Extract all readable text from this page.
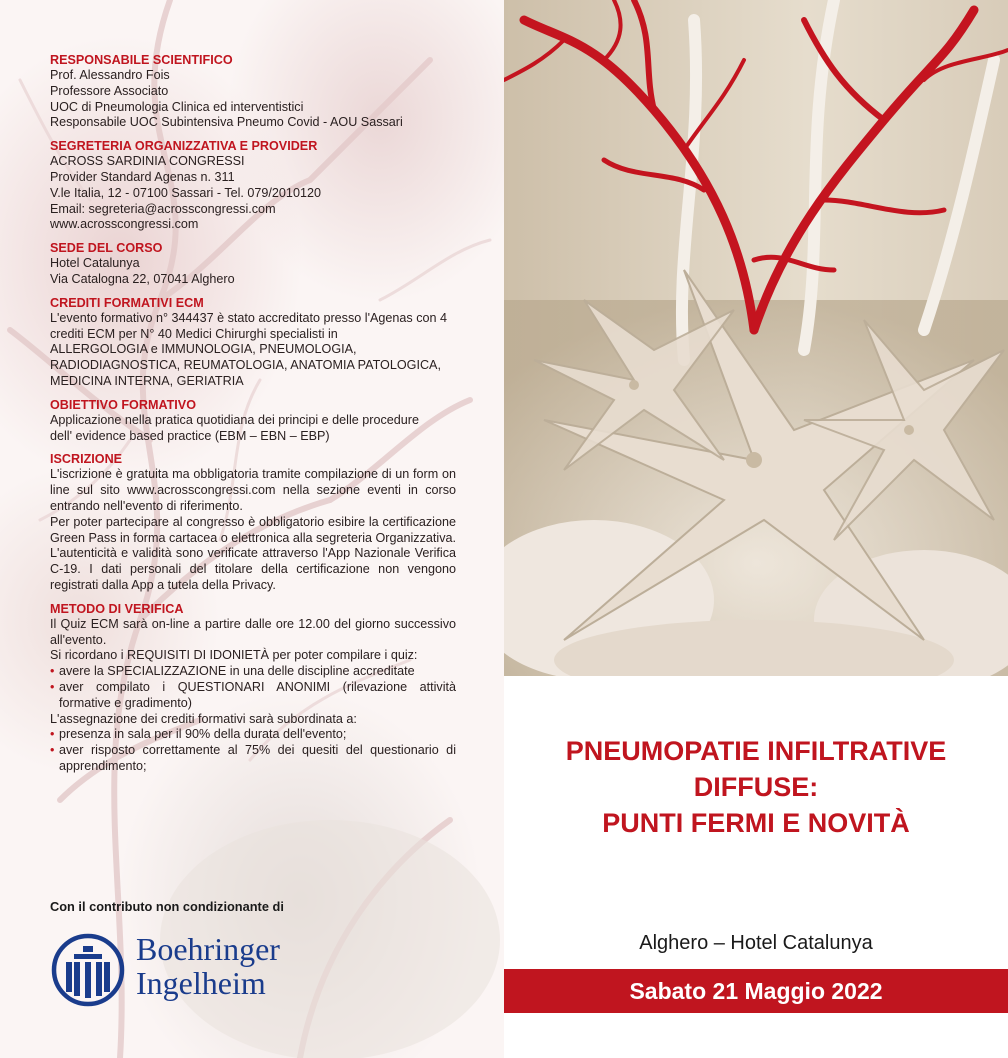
RESPONSABILE SCIENTIFICO
Prof. Alessandro Fois
Professore Associato
UOC di Pneumologia Clinica ed interventistici
Responsabile UOC Subintensiva Pneumo Covid - AOU Sassari
SEGRETERIA ORGANIZZATIVA E PROVIDER
ACROSS SARDINIA CONGRESSI
Provider Standard Agenas n. 311
V.le Italia, 12 - 07100 Sassari - Tel. 079/2010120
Email: segreteria@acrosscongressi.com
www.acrosscongressi.com
SEDE DEL CORSO
Hotel Catalunya
Via Catalogna 22, 07041 Alghero
CREDITI FORMATIVI ECM
L'evento formativo n° 344437 è stato accreditato presso l'Agenas con 4
crediti ECM per N° 40 Medici Chirurghi specialisti in
ALLERGOLOGIA e IMMUNOLOGIA, PNEUMOLOGIA,
RADIODIAGNOSTICA, REUMATOLOGIA, ANATOMIA PATOLOGICA,
MEDICINA INTERNA, GERIATRIA
OBIETTIVO FORMATIVO
Applicazione nella pratica quotidiana dei principi e delle procedure
dell' evidence based practice (EBM – EBN – EBP)
ISCRIZIONE
L'iscrizione è gratuita ma obbligatoria tramite compilazione di un form on line sul sito www.acrosscongressi.com nella sezione eventi in corso entrando nell'evento di riferimento.
Per poter partecipare al congresso è obbligatorio esibire la certificazione Green Pass in forma cartacea o elettronica alla segreteria Organizzativa. L'autenticità e validità sono verificate attraverso l'App Nazionale Verifica C-19. I dati personali del titolare della certificazione non vengono registrati dalla App a tutela della Privacy.
METODO DI VERIFICA
Il Quiz ECM sarà on-line a partire dalle ore 12.00 del giorno successivo all'evento.
Si ricordano i REQUISITI DI IDONIETÀ per poter compilare i quiz:
• avere la SPECIALIZZAZIONE in una delle discipline accreditate
• aver compilato i QUESTIONARI ANONIMI (rilevazione attività formative e gradimento)
L'assegnazione dei crediti formativi sarà subordinata a:
• presenza in sala per il 90% della durata dell'evento;
• aver risposto correttamente al 75% dei quesiti del questionario di apprendimento;
Con il contributo non condizionante di
Boehringer
Ingelheim
PNEUMOPATIE INFILTRATIVE
DIFFUSE:
PUNTI FERMI E NOVITÀ
Alghero – Hotel Catalunya
Sabato 21 Maggio 2022
